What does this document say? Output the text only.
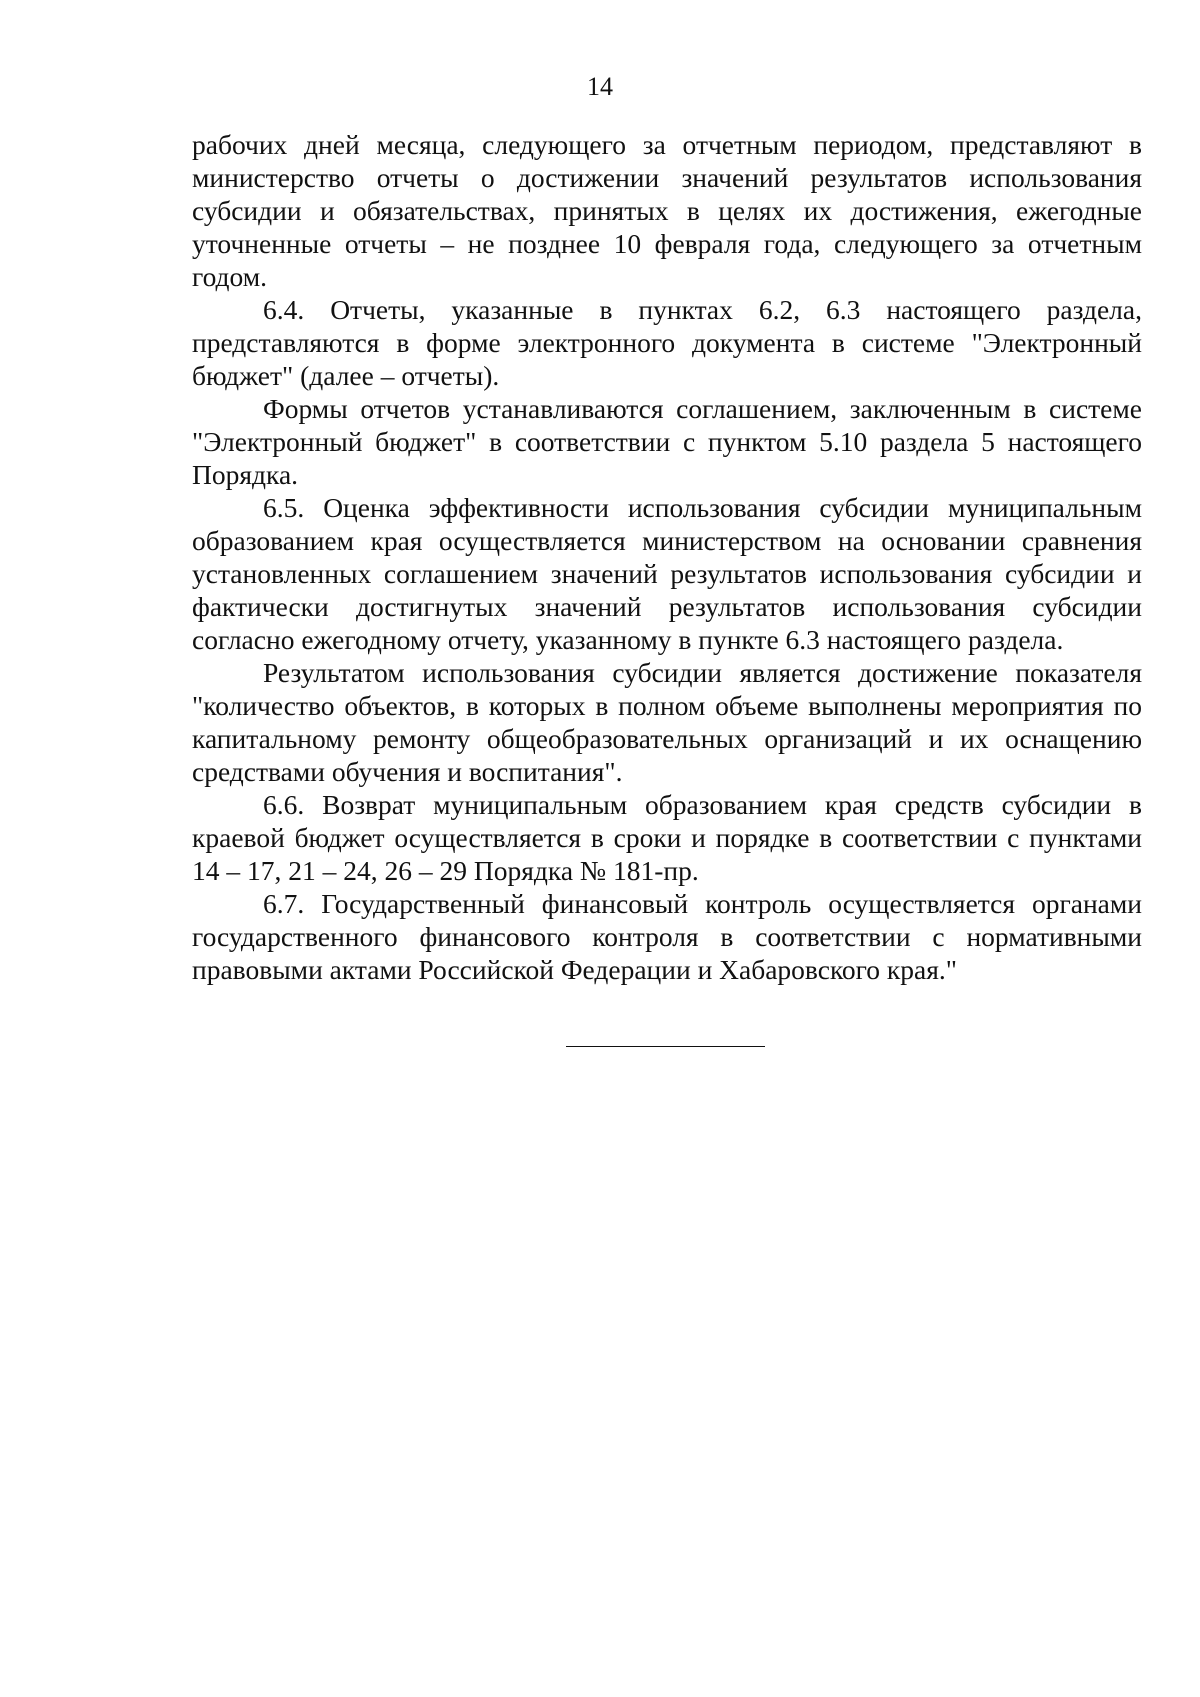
14

рабочих дней месяца, следующего за отчетным периодом, представляют в министерство отчеты о достижении значений результатов использования субсидии и обязательствах, принятых в целях их достижения, ежегодные уточненные отчеты – не позднее 10 февраля года, следующего за отчетным годом.

6.4. Отчеты, указанные в пунктах 6.2, 6.3 настоящего раздела, представляются в форме электронного документа в системе "Электронный бюджет" (далее – отчеты).

Формы отчетов устанавливаются соглашением, заключенным в системе "Электронный бюджет" в соответствии с пунктом 5.10 раздела 5 настоящего Порядка.

6.5. Оценка эффективности использования субсидии муниципальным образованием края осуществляется министерством на основании сравнения установленных соглашением значений результатов использования субсидии и фактически достигнутых значений результатов использования субсидии согласно ежегодному отчету, указанному в пункте 6.3 настоящего раздела.

Результатом использования субсидии является достижение показателя "количество объектов, в которых в полном объеме выполнены мероприятия по капитальному ремонту общеобразовательных организаций и их оснащению средствами обучения и воспитания".

6.6. Возврат муниципальным образованием края средств субсидии в краевой бюджет осуществляется в сроки и порядке в соответствии с пунктами 14 – 17, 21 – 24, 26 – 29 Порядка № 181-пр.

6.7. Государственный финансовый контроль осуществляется органами государственного финансового контроля в соответствии с нормативными правовыми актами Российской Федерации и Хабаровского края."
